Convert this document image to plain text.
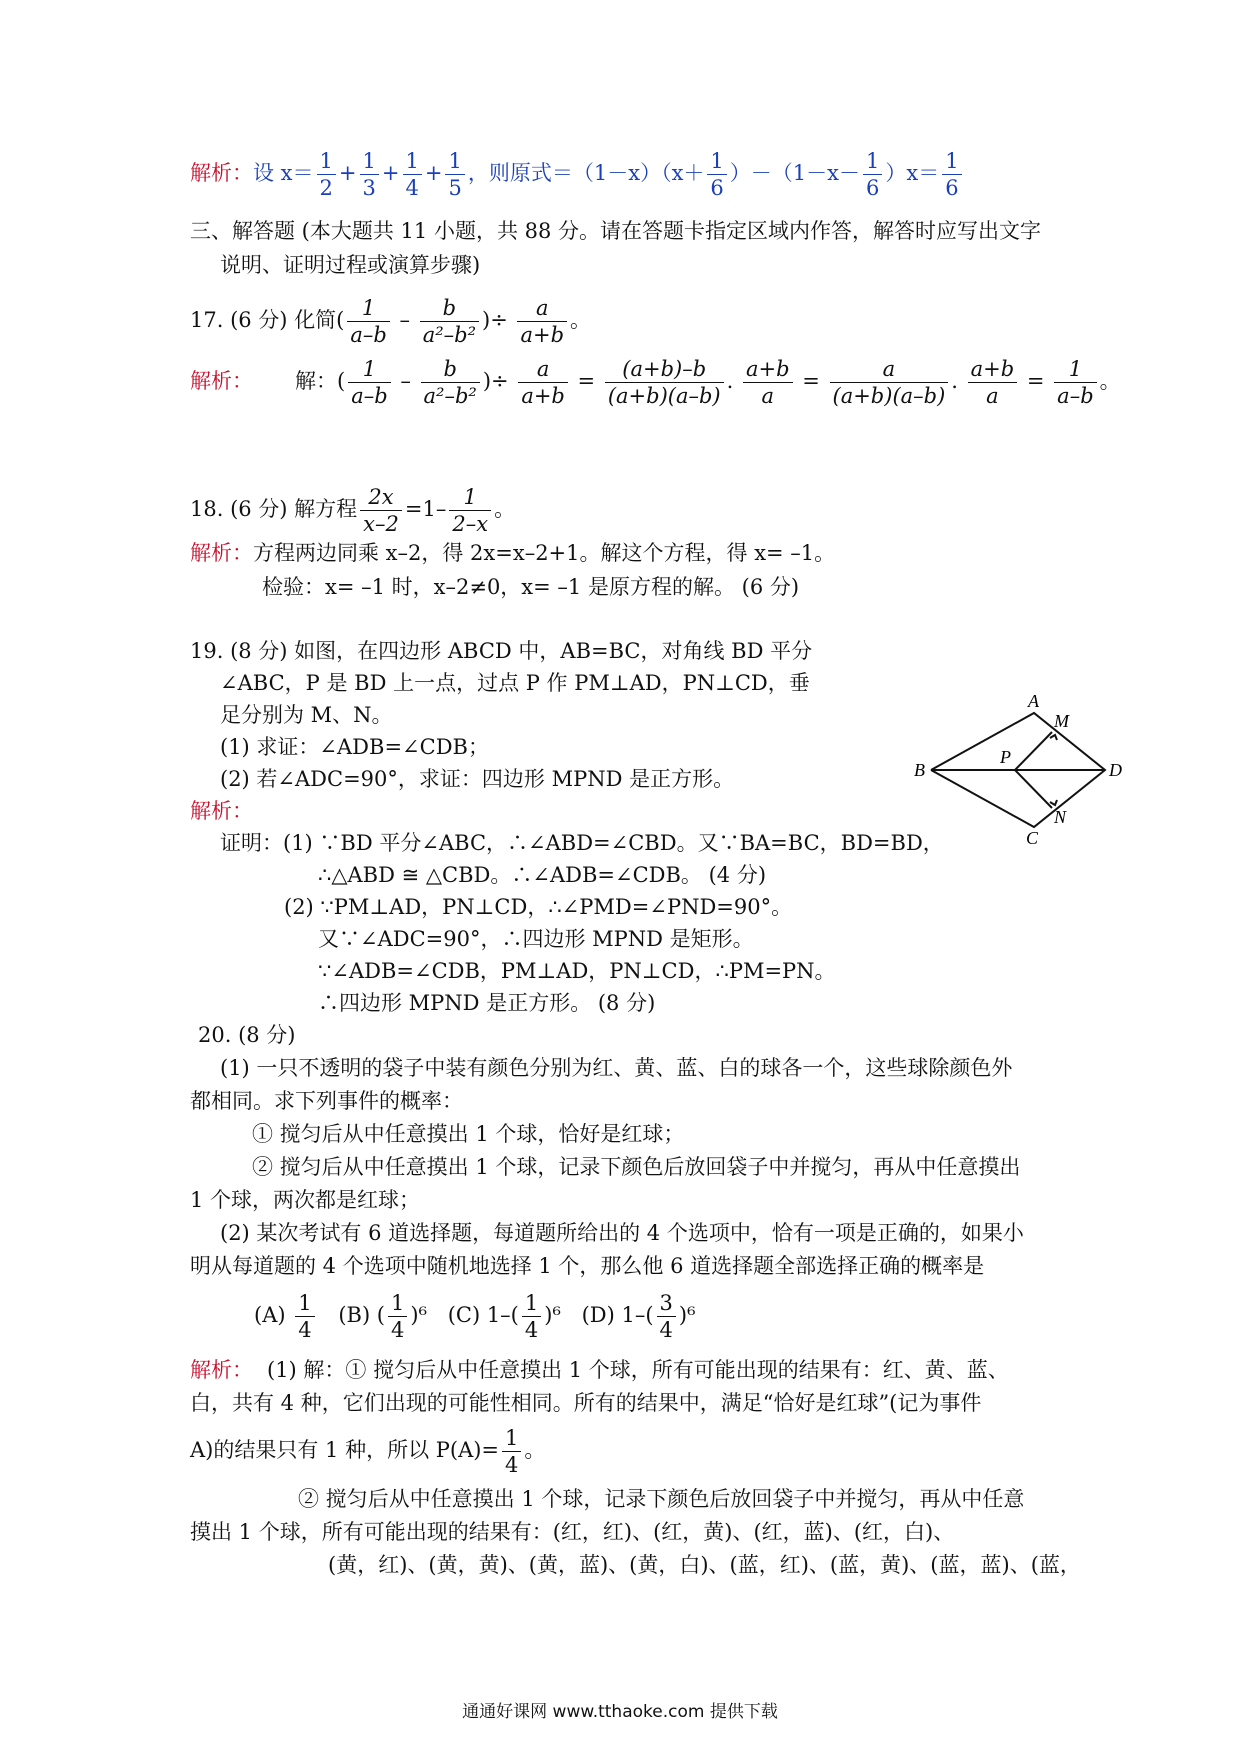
解析：设 $x= \frac{1}{2} + \frac{1}{3} + \frac{1}{4} + \frac{1}{5}$ ，则原式$=(1-x)(x+ \frac{1}{6} )-(1-x- \frac{1}{6} )x= \frac{1}{6}$
三、解答题 (本大题共 11 小题，共 88 分。请在答题卡指定区域内作答，解答时应写出文字
说明、证明过程或演算步骤)
17. (6 分) 化简( $\frac{1}{a-b} - \frac{b}{\text{a²–b²}}$ )÷ $\frac{a}{a+b}$ 。
解析： 解：( $\frac{1}{a-b} - \frac{b}{\text{a²–b²}}$ )÷ $\frac{a}{a+b} = \frac{(a+b)-b}{(a+b)(a-b)}$ . $\frac{a+b}{a} = \frac{a}{(a+b)(a-b)}$ . $\frac{a+b}{a} = \frac{1}{a-b}$ 。
18. (6 分) 解方程 $\frac{2x}{x-2} =1- \frac{1}{2-x}$ 。
解析：方程两边同乘 x–2，得 2x=x–2+1。解这个方程，得 x= –1。
检验：x= –1 时，x–2≠0，x= –1 是原方程的解。 (6 分)
19. (8 分) 如图，在四边形 ABCD 中，AB=BC，对角线 BD 平分
∠ABC，P 是 BD 上一点，过点 P 作 PM⊥AD，PN⊥CD，垂
足分别为 M、N。
(1) 求证：∠ADB=∠CDB；
(2) 若∠ADC=90°，求证：四边形 MPND 是正方形。
解析：
证明：(1) ∵BD 平分∠ABC，∴∠ABD=∠CBD。又∵BA=BC，BD=BD，
∴△ABD ≅ △CBD。∴∠ADB=∠CDB。 (4 分)
(2) ∵PM⊥AD，PN⊥CD，∴∠PMD=∠PND=90°。
又∵∠ADC=90°，∴四边形 MPND 是矩形。
∵∠ADB=∠CDB，PM⊥AD，PN⊥CD，∴PM=PN。
∴四边形 MPND 是正方形。 (8 分)
A
B
C
D
P
M
N
20. (8 分)
(1) 一只不透明的袋子中装有颜色分别为红、黄、蓝、白的球各一个，这些球除颜色外
都相同。求下列事件的概率：
① 搅匀后从中任意摸出 1 个球，恰好是红球；
② 搅匀后从中任意摸出 1 个球，记录下颜色后放回袋子中并搅匀，再从中任意摸出
1 个球，两次都是红球；
(2) 某次考试有 6 道选择题，每道题所给出的 4 个选项中，恰有一项是正确的，如果小
明从每道题的 4 个选项中随机地选择 1 个，那么他 6 道选择题全部选择正确的概率是
$(A) \frac{1}{4} (B)$ ( $\frac{1}{4} )^6$ (C) $1-( \frac{1}{4} )^6$ (D) $1-( \frac{3}{4} )^6$
解析： (1) 解：① 搅匀后从中任意摸出 1 个球，所有可能出现的结果有：红、黄、蓝、
白，共有 4 种，它们出现的可能性相同。所有的结果中，满足“恰好是红球”(记为事件
A)的结果只有 1 种，所以 $P(A)= \frac{1}{4}$ 。
② 搅匀后从中任意摸出 1 个球，记录下颜色后放回袋子中并搅匀，再从中任意
摸出 1 个球，所有可能出现的结果有：(红，红)、(红，黄)、(红，蓝)、(红，白)、
(黄，红)、(黄，黄)、(黄，蓝)、(黄，白)、(蓝，红)、(蓝，黄)、(蓝，蓝)、(蓝，
通通好课网 www.tthaoke.com 提供下载
